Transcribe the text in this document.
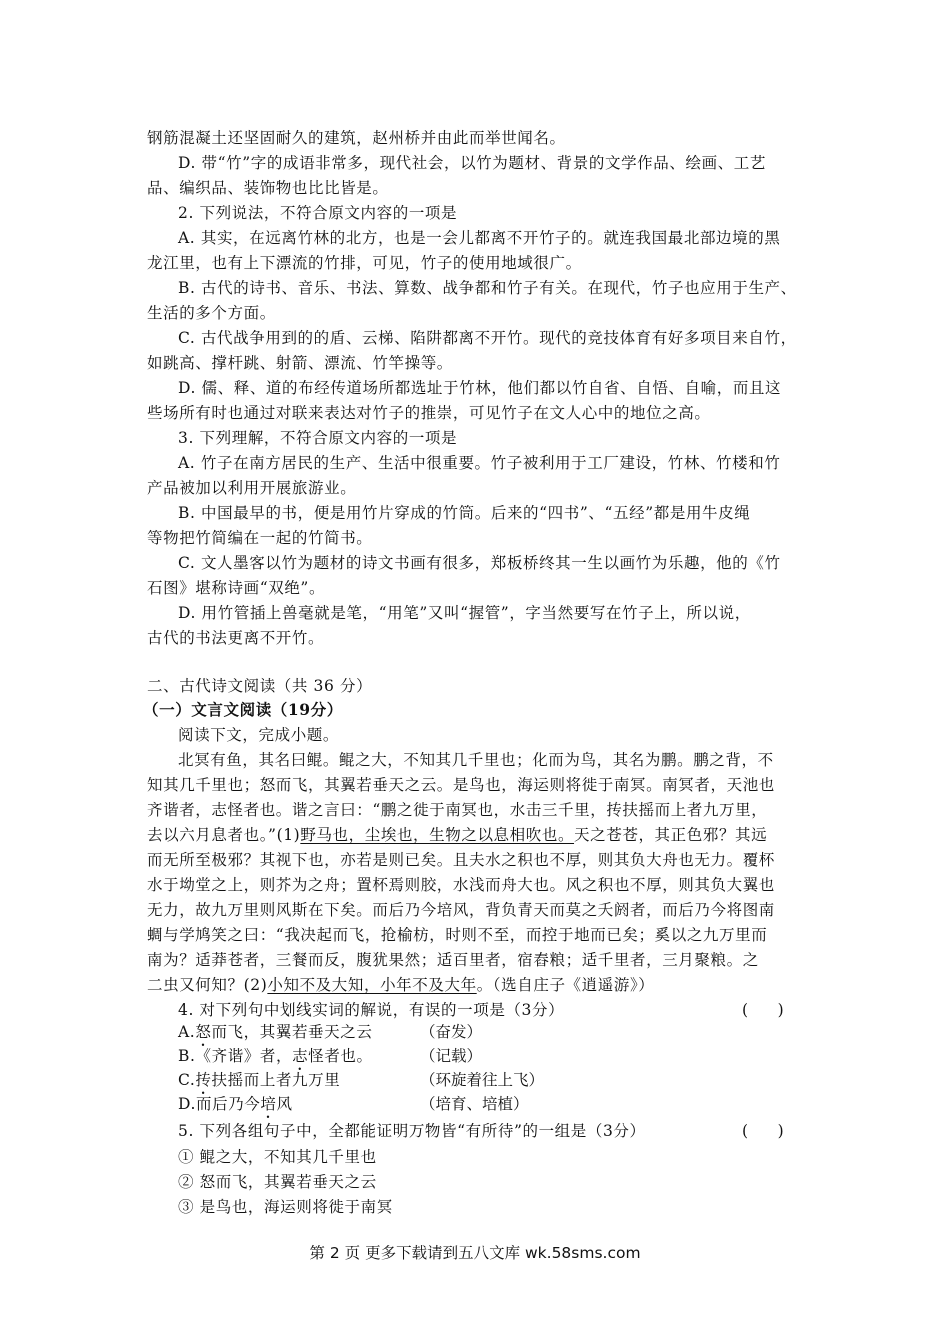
钢筋混凝土还坚固耐久的建筑，赵州桥并由此而举世闻名。
D. 带“竹”字的成语非常多，现代社会，以竹为题材、背景的文学作品、绘画、工艺
品、编织品、装饰物也比比皆是。
2. 下列说法，不符合原文内容的一项是
A. 其实，在远离竹林的北方，也是一会儿都离不开竹子的。就连我国最北部边境的黑
龙江里，也有上下漂流的竹排，可见，竹子的使用地域很广。
B. 古代的诗书、音乐、书法、算数、战争都和竹子有关。在现代，竹子也应用于生产、
生活的多个方面。
C. 古代战争用到的的盾、云梯、陷阱都离不开竹。现代的竞技体育有好多项目来自竹，
如跳高、撑杆跳、射箭、漂流、竹竿操等。
D. 儒、释、道的布经传道场所都选址于竹林，他们都以竹自省、自悟、自喻，而且这
些场所有时也通过对联来表达对竹子的推崇，可见竹子在文人心中的地位之高。
3. 下列理解，不符合原文内容的一项是
A. 竹子在南方居民的生产、生活中很重要。竹子被利用于工厂建设，竹林、竹楼和竹
产品被加以利用开展旅游业。
B. 中国最早的书，便是用竹片穿成的竹筒。后来的“四书”、“五经”都是用牛皮绳
等物把竹简编在一起的竹简书。
C. 文人墨客以竹为题材的诗文书画有很多，郑板桥终其一生以画竹为乐趣，他的《竹
石图》堪称诗画“双绝”。
D. 用竹管插上兽毫就是笔，“用笔”又叫“握管”，字当然要写在竹子上，所以说，
古代的书法更离不开竹。
二、古代诗文阅读（共 36 分）
（一）文言文阅读（19分）
阅读下文，完成小题。
北冥有鱼，其名曰鲲。鲲之大，不知其几千里也；化而为鸟，其名为鹏。鹏之背，不
知其几千里也；怒而飞，其翼若垂天之云。是鸟也，海运则将徙于南冥。南冥者，天池也
齐谐者，志怪者也。谐之言曰：“鹏之徙于南冥也，水击三千里，抟扶摇而上者九万里，
去以六月息者也。”(1)野马也，尘埃也，生物之以息相吹也。天之苍苍，其正色邪？其远
而无所至极邪？其视下也，亦若是则已矣。且夫水之积也不厚，则其负大舟也无力。覆杯
水于坳堂之上，则芥为之舟；置杯焉则胶，水浅而舟大也。风之积也不厚，则其负大翼也
无力，故九万里则风斯在下矣。而后乃今培风，背负青天而莫之夭阏者，而后乃今将图南
蜩与学鸠笑之曰：“我决起而飞，抢榆枋，时则不至，而控于地而已矣；奚以之九万里而
南为？适莽苍者，三餐而反，腹犹果然；适百里者，宿舂粮；适千里者，三月聚粮。之
二虫又何知？(2)小知不及大知，小年不及大年。（选自庄子《逍遥游》）
4. 对下列句中划线实词的解说，有误的一项是（3分）	(      )
A.怒而飞，其翼若垂天之云	（奋发）
B.《齐谐》者，志怪者也。	（记载）
C.抟扶摇而上者九万里	（环旋着往上飞）
D.而后乃今培风	（培育、培植）
5. 下列各组句子中，全都能证明万物皆“有所待”的一组是（3分）	(      )
① 鲲之大，不知其几千里也
② 怒而飞，其翼若垂天之云
③ 是鸟也，海运则将徙于南冥
第 2 页 更多下载请到五八文库 wk.58sms.com
